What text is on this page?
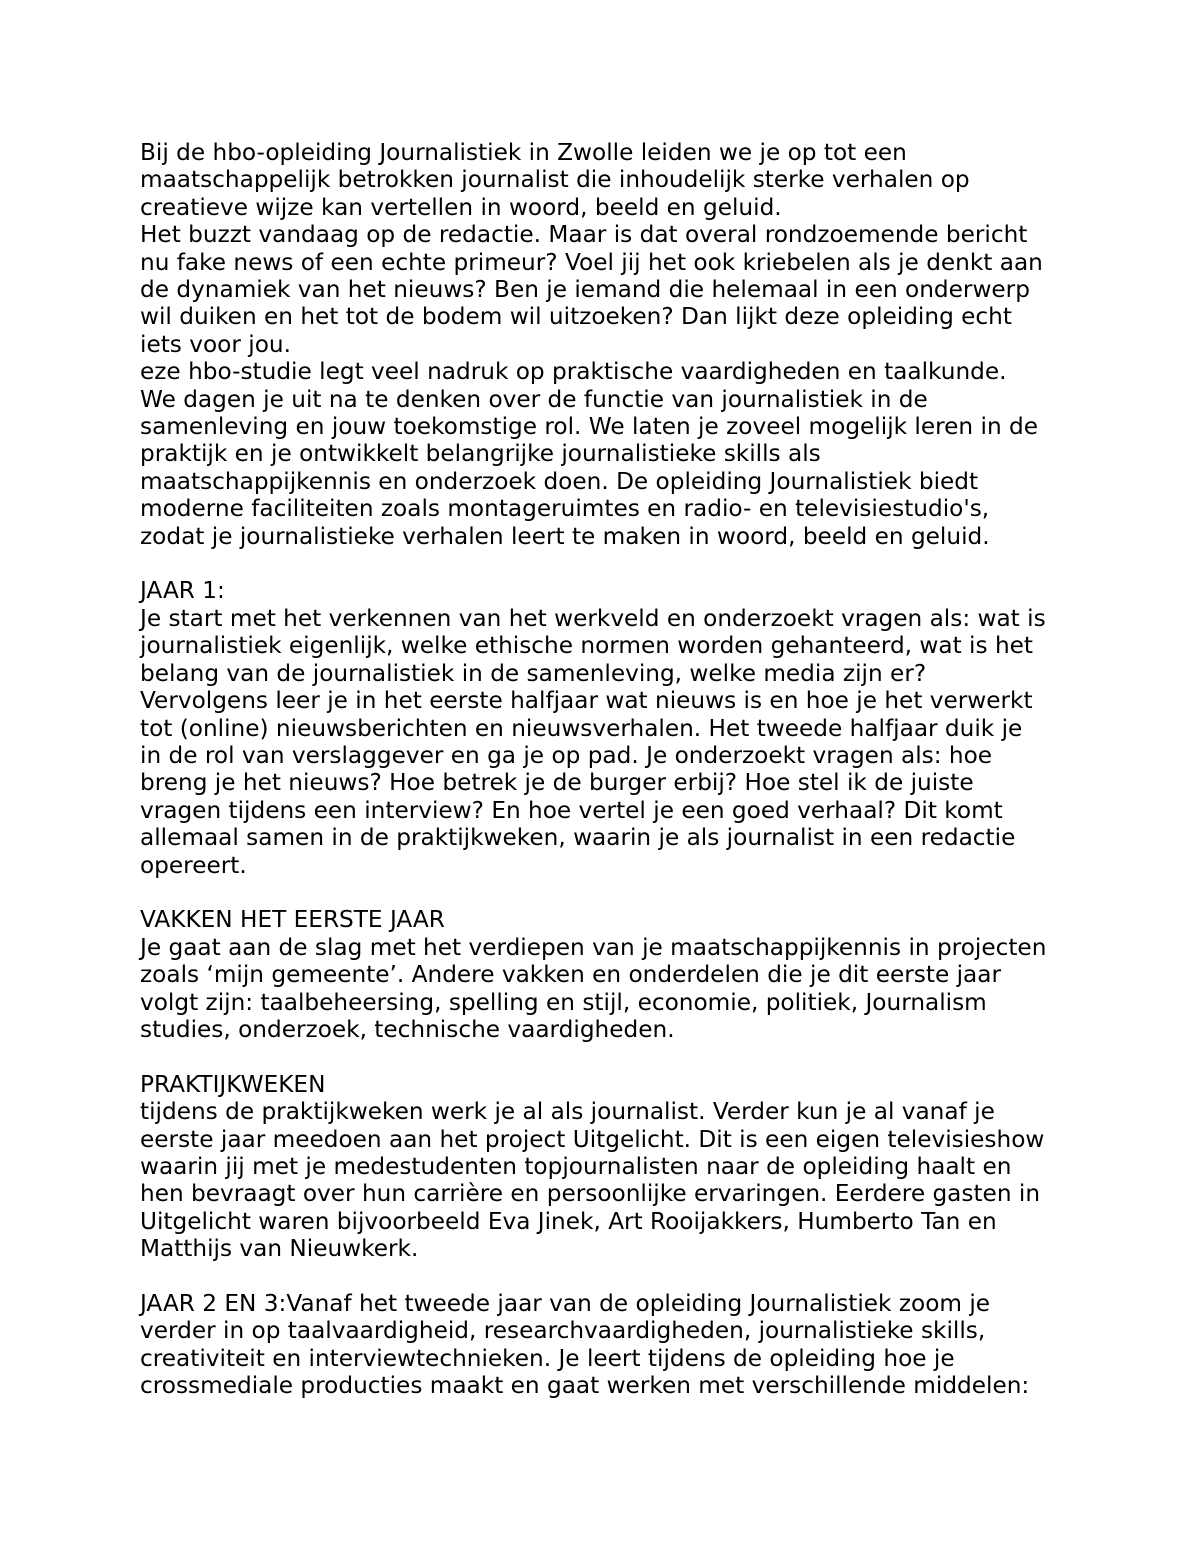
Bij de hbo-opleiding Journalistiek in Zwolle leiden we je op tot een
maatschappelijk betrokken journalist die inhoudelijk sterke verhalen op
creatieve wijze kan vertellen in woord, beeld en geluid.

Het buzzt vandaag op de redactie. Maar is dat overal rondzoemende bericht
nu fake news of een echte primeur? Voel jij het ook kriebelen als je denkt aan
de dynamiek van het nieuws? Ben je iemand die helemaal in een onderwerp
wil duiken en het tot de bodem wil uitzoeken? Dan lijkt deze opleiding echt
iets voor jou.

eze hbo-studie legt veel nadruk op praktische vaardigheden en taalkunde.
We dagen je uit na te denken over de functie van journalistiek in de
samenleving en jouw toekomstige rol. We laten je zoveel mogelijk leren in de
praktijk en je ontwikkelt belangrijke journalistieke skills als
maatschappijkennis en onderzoek doen. De opleiding Journalistiek biedt
moderne faciliteiten zoals montageruimtes en radio- en televisiestudio's,
zodat je journalistieke verhalen leert te maken in woord, beeld en geluid.

JAAR 1:
Je start met het verkennen van het werkveld en onderzoekt vragen als: wat is
journalistiek eigenlijk, welke ethische normen worden gehanteerd, wat is het
belang van de journalistiek in de samenleving, welke media zijn er?
Vervolgens leer je in het eerste halfjaar wat nieuws is en hoe je het verwerkt
tot (online) nieuwsberichten en nieuwsverhalen. Het tweede halfjaar duik je
in de rol van verslaggever en ga je op pad. Je onderzoekt vragen als: hoe
breng je het nieuws? Hoe betrek je de burger erbij? Hoe stel ik de juiste
vragen tijdens een interview? En hoe vertel je een goed verhaal? Dit komt
allemaal samen in de praktijkweken, waarin je als journalist in een redactie
opereert.

VAKKEN HET EERSTE JAAR
Je gaat aan de slag met het verdiepen van je maatschappijkennis in projecten
zoals ‘mijn gemeente’. Andere vakken en onderdelen die je dit eerste jaar
volgt zijn: taalbeheersing, spelling en stijl, economie, politiek, Journalism
studies, onderzoek, technische vaardigheden.

PRAKTIJKWEKEN
tijdens de praktijkweken werk je al als journalist. Verder kun je al vanaf je
eerste jaar meedoen aan het project Uitgelicht. Dit is een eigen televisieshow
waarin jij met je medestudenten topjournalisten naar de opleiding haalt en
hen bevraagt over hun carrière en persoonlijke ervaringen. Eerdere gasten in
Uitgelicht waren bijvoorbeeld Eva Jinek, Art Rooijakkers, Humberto Tan en
Matthijs van Nieuwkerk.

JAAR 2 EN 3:Vanaf het tweede jaar van de opleiding Journalistiek zoom je
verder in op taalvaardigheid, researchvaardigheden, journalistieke skills,
creativiteit en interviewtechnieken. Je leert tijdens de opleiding hoe je
crossmediale producties maakt en gaat werken met verschillende middelen:
